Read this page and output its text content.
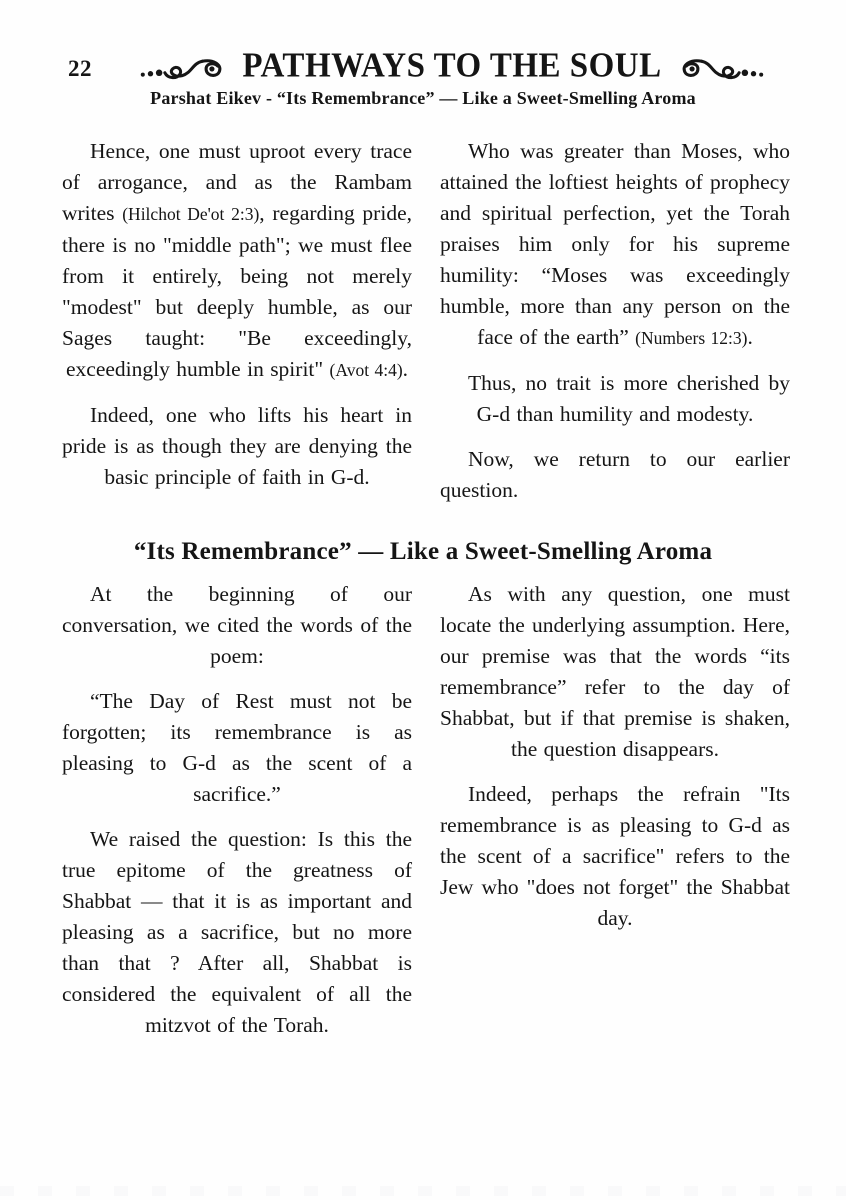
22	PATHWAYS TO THE SOUL
Parshat Eikev - “Its Remembrance” — Like a Sweet-Smelling Aroma

Hence, one must uproot every trace of arrogance, and as the Rambam writes (Hilchot De'ot 2:3), regarding pride, there is no "middle path"; we must flee from it entirely, being not merely "modest" but deeply humble, as our Sages taught: "Be exceedingly, exceedingly humble in spirit" (Avot 4:4).

Indeed, one who lifts his heart in pride is as though they are denying the basic principle of faith in G-d.

Who was greater than Moses, who attained the loftiest heights of prophecy and spiritual perfection, yet the Torah praises him only for his supreme humility: “Moses was exceedingly humble, more than any person on the face of the earth” (Numbers 12:3).

Thus, no trait is more cherished by G-d than humility and modesty.

Now, we return to our earlier question.

“Its Remembrance” — Like a Sweet-Smelling Aroma

At the beginning of our conversation, we cited the words of the poem:

“The Day of Rest must not be forgotten; its remembrance is as pleasing to G-d as the scent of a sacrifice.”

We raised the question: Is this the true epitome of the greatness of Shabbat — that it is as important and pleasing as a sacrifice, but no more than that ? After all, Shabbat is considered the equivalent of all the mitzvot of the Torah.

As with any question, one must locate the underlying assumption. Here, our premise was that the words “its remembrance” refer to the day of Shabbat, but if that premise is shaken, the question disappears.

Indeed, perhaps the refrain "Its remembrance is as pleasing to G-d as the scent of a sacrifice" refers to the Jew who "does not forget" the Shabbat day.
